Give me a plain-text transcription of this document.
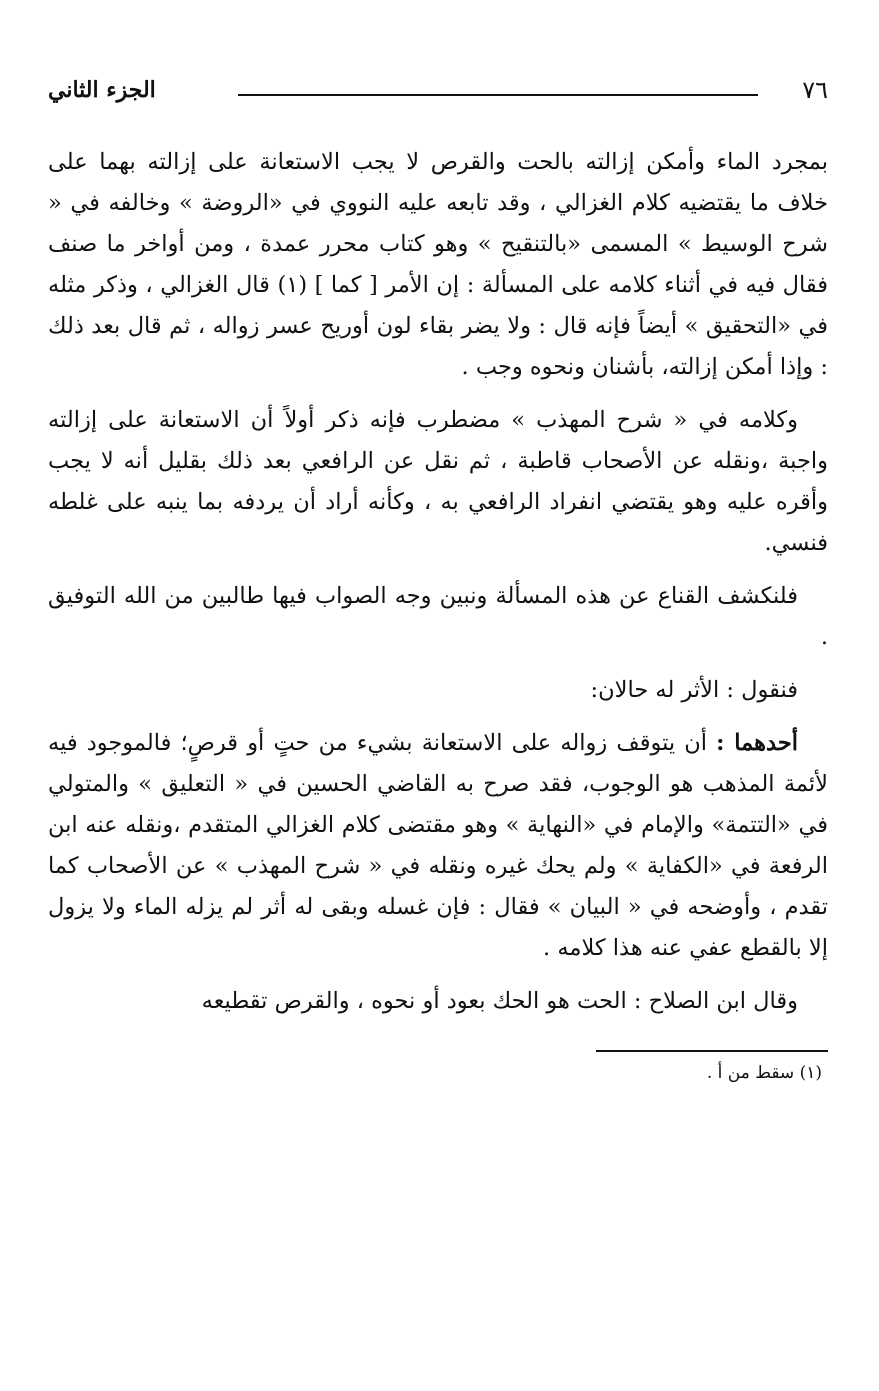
٧٦
الجزء الثاني

بمجرد الماء وأمكن إزالته بالحت والقرص لا يجب الاستعانة على إزالته بهما على خلاف ما يقتضيه كلام الغزالي ، وقد تابعه عليه النووي في «الروضة » وخالفه في « شرح الوسيط » المسمى «بالتنقيح » وهو كتاب محرر عمدة ، ومن أواخر ما صنف فقال فيه في أثناء كلامه على المسألة : إن الأمر [ كما ] (١) قال الغزالي ، وذكر مثله في «التحقيق » أيضاً فإنه قال : ولا يضر بقاء لون أوريح عسر زواله ، ثم قال بعد ذلك : وإذا أمكن إزالته، بأشنان ونحوه وجب .

وكلامه في « شرح المهذب » مضطرب فإنه ذكر أولاً أن الاستعانة على إزالته واجبة ،ونقله عن الأصحاب قاطبة ، ثم نقل عن الرافعي بعد ذلك بقليل أنه لا يجب وأقره عليه وهو يقتضي انفراد الرافعي به ، وكأنه أراد أن يردفه بما ينبه على غلطه فنسي.

فلنكشف القناع عن هذه المسألة ونبين وجه الصواب فيها طالبين من الله التوفيق .

فنقول : الأثر له حالان:

أحدهما : أن يتوقف زواله على الاستعانة بشيء من حتٍ أو قرصٍ؛ فالموجود فيه لأئمة المذهب هو الوجوب، فقد صرح به القاضي الحسين في « التعليق » والمتولي في «التتمة» والإمام في «النهاية » وهو مقتضى كلام الغزالي المتقدم ،ونقله عنه ابن الرفعة في «الكفاية » ولم يحك غيره ونقله في « شرح المهذب » عن الأصحاب كما تقدم ، وأوضحه في « البيان » فقال : فإن غسله وبقى له أثر لم يزله الماء ولا يزول إلا بالقطع عفي عنه هذا كلامه .

وقال ابن الصلاح : الحت هو الحك بعود أو نحوه ، والقرص تقطيعه

(١) سقط من أ .
